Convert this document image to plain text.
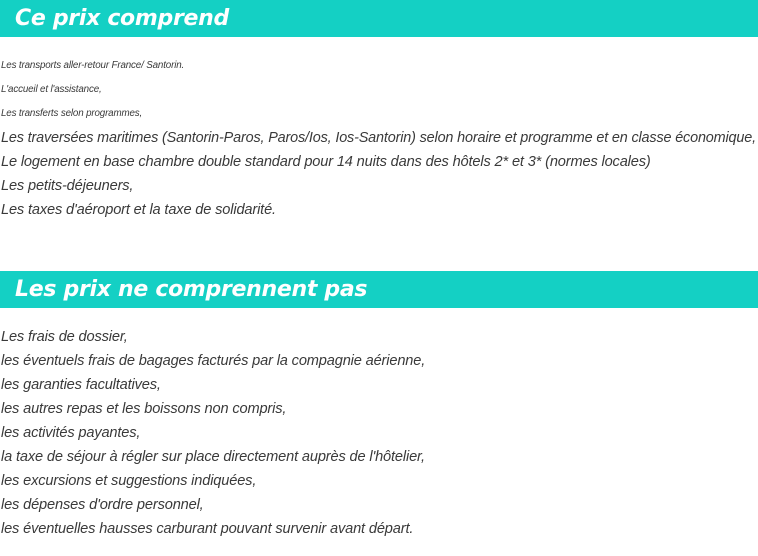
Ce prix comprend
Les transports aller-retour France/ Santorin.
L'accueil et l'assistance,
Les transferts selon programmes,
Les traversées maritimes (Santorin-Paros, Paros/Ios, Ios-Santorin) selon horaire et programme et en classe économique,
Le logement en base chambre double standard pour 14 nuits dans des hôtels 2* et 3* (normes locales)
Les petits-déjeuners,
Les taxes d'aéroport et la taxe de solidarité.
Les prix ne comprennent pas
Les frais de dossier,
les éventuels frais de bagages facturés par la compagnie aérienne,
les garanties facultatives,
les autres repas et les boissons non compris,
les activités payantes,
la taxe de séjour à régler sur place directement auprès de l'hôtelier,
les excursions et suggestions indiquées,
les dépenses d'ordre personnel,
les éventuelles hausses carburant pouvant survenir avant départ.
